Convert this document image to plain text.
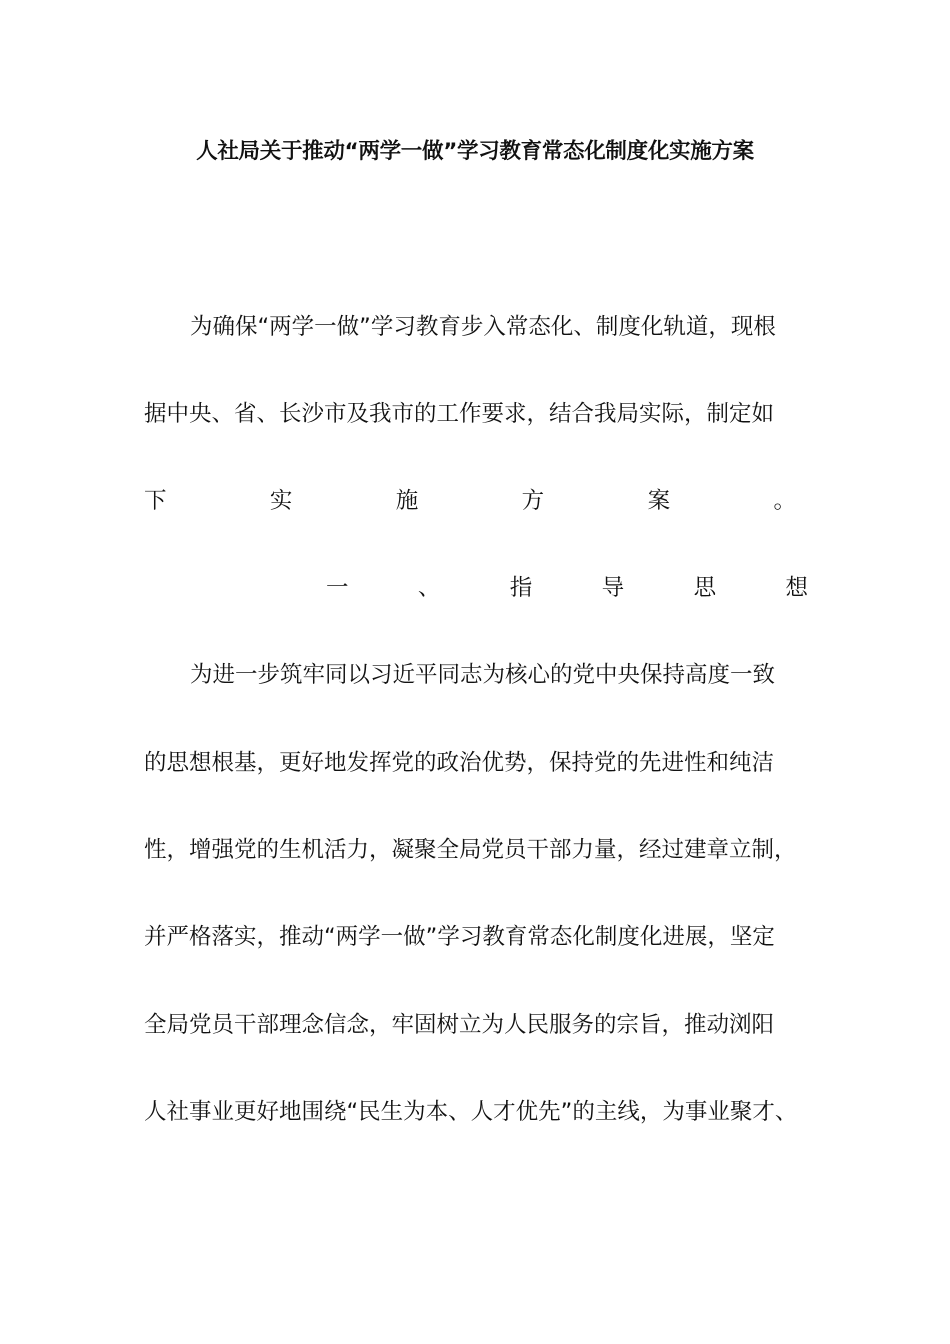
人社局关于推动“两学一做”学习教育常态化制度化实施方案
为确保“两学一做”学习教育步入常态化、制度化轨道，现根
据中央、省、长沙市及我市的工作要求，结合我局实际，制定如
下	实	施	方	案	。
一	、	指	导	思	想
为进一步筑牢同以习近平同志为核心的党中央保持高度一致
的思想根基，更好地发挥党的政治优势，保持党的先进性和纯洁
性，增强党的生机活力，凝聚全局党员干部力量，经过建章立制，
并严格落实，推动“两学一做”学习教育常态化制度化进展，坚定
全局党员干部理念信念，牢固树立为人民服务的宗旨，推动浏阳
人社事业更好地围绕“民生为本、人才优先”的主线，为事业聚才、
